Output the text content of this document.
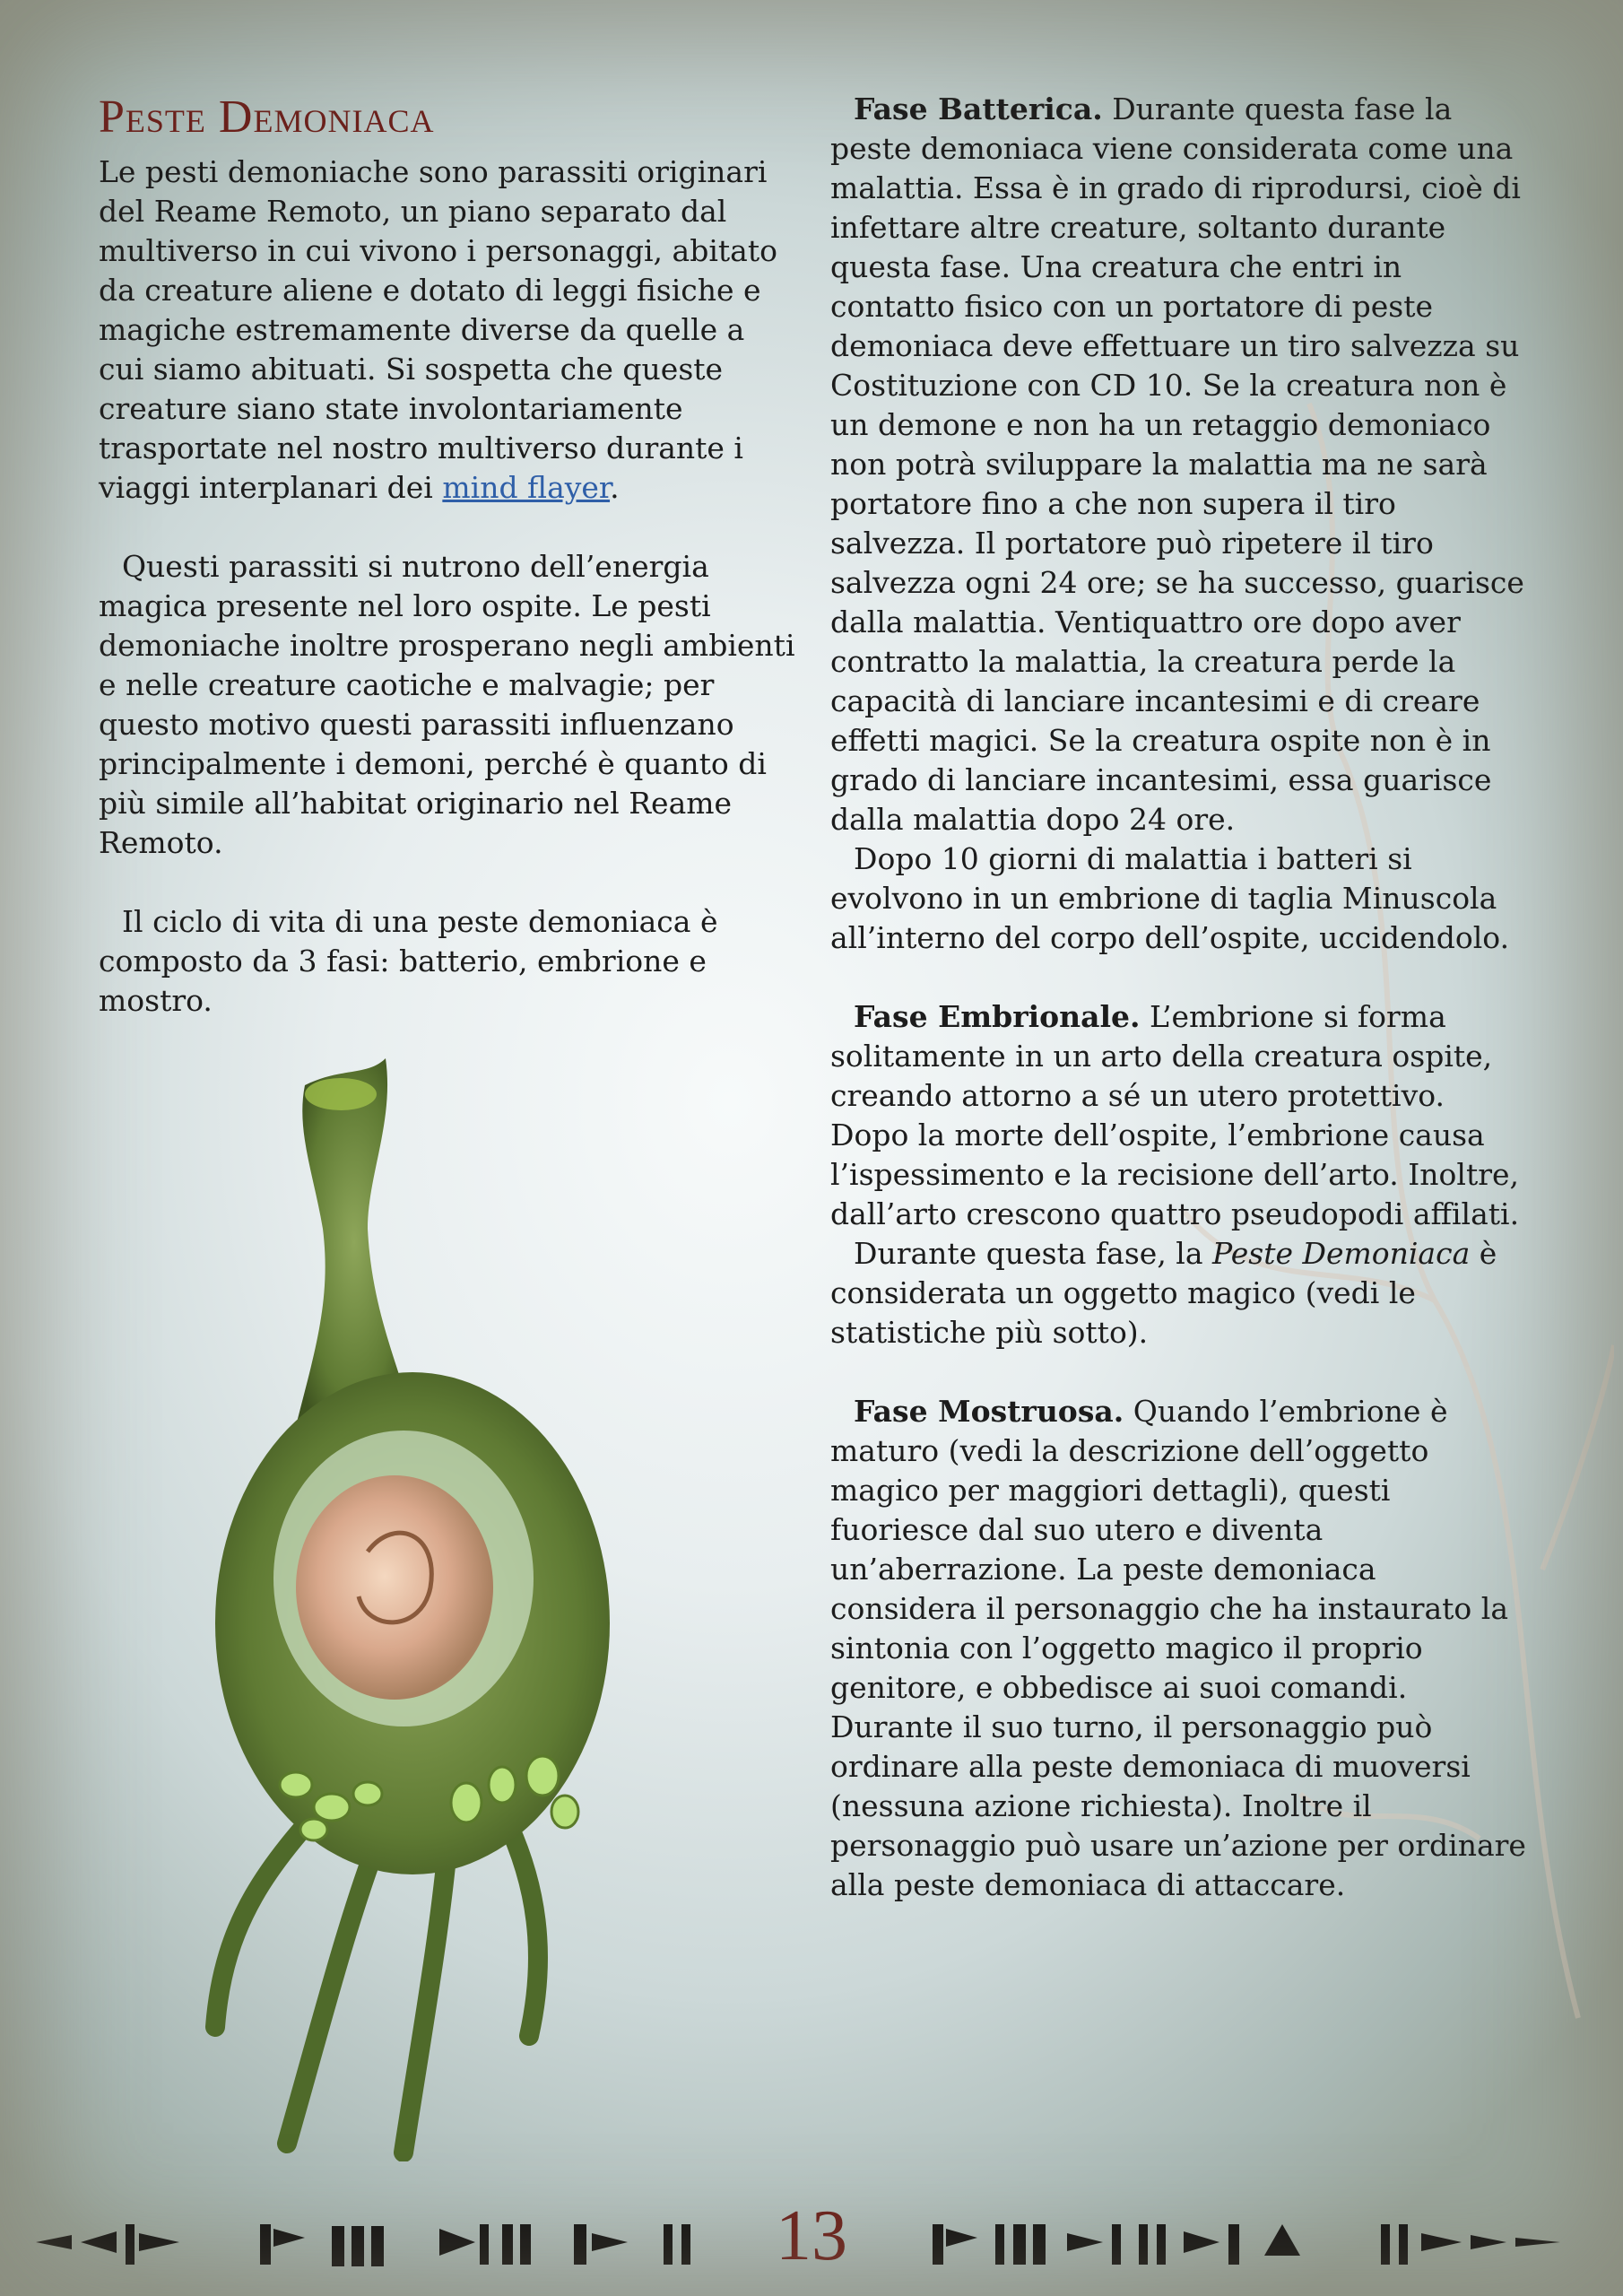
Peste Demoniaca

Le pesti demoniache sono parassiti originari del Reame Remoto, un piano separato dal multiverso in cui vivono i personaggi, abitato da creature aliene e dotato di leggi fisiche e magiche estremamente diverse da quelle a cui siamo abituati. Si sospetta che queste creature siano state involontariamente trasportate nel nostro multiverso durante i viaggi interplanari dei mind flayer.

Questi parassiti si nutrono dell’energia magica presente nel loro ospite. Le pesti demoniache inoltre prosperano negli ambienti e nelle creature caotiche e malvagie; per questo motivo questi parassiti influenzano principalmente i demoni, perché è quanto di più simile all’habitat originario nel Reame Remoto.

Il ciclo di vita di una peste demoniaca è composto da 3 fasi: batterio, embrione e mostro.

Fase Batterica. Durante questa fase la peste demoniaca viene considerata come una malattia. Essa è in grado di riprodursi, cioè di infettare altre creature, soltanto durante questa fase. Una creatura che entri in contatto fisico con un portatore di peste demoniaca deve effettuare un tiro salvezza su Costituzione con CD 10. Se la creatura non è un demone e non ha un retaggio demoniaco non potrà sviluppare la malattia ma ne sarà portatore fino a che non supera il tiro salvezza. Il portatore può ripetere il tiro salvezza ogni 24 ore; se ha successo, guarisce dalla malattia. Ventiquattro ore dopo aver contratto la malattia, la creatura perde la capacità di lanciare incantesimi e di creare effetti magici. Se la creatura ospite non è in grado di lanciare incantesimi, essa guarisce dalla malattia dopo 24 ore.

Dopo 10 giorni di malattia i batteri si evolvono in un embrione di taglia Minuscola all’interno del corpo dell’ospite, uccidendolo.

Fase Embrionale. L’embrione si forma solitamente in un arto della creatura ospite, creando attorno a sé un utero protettivo. Dopo la morte dell’ospite, l’embrione causa l’ispessimento e la recisione dell’arto. Inoltre, dall’arto crescono quattro pseudopodi affilati.

Durante questa fase, la Peste Demoniaca è considerata un oggetto magico (vedi le statistiche più sotto).

Fase Mostruosa. Quando l’embrione è maturo (vedi la descrizione dell’oggetto magico per maggiori dettagli), questi fuoriesce dal suo utero e diventa un’aberrazione. La peste demoniaca considera il personaggio che ha instaurato la sintonia con l’oggetto magico il proprio genitore, e obbedisce ai suoi comandi. Durante il suo turno, il personaggio può ordinare alla peste demoniaca di muoversi (nessuna azione richiesta). Inoltre il personaggio può usare un’azione per ordinare alla peste demoniaca di attaccare.

13
